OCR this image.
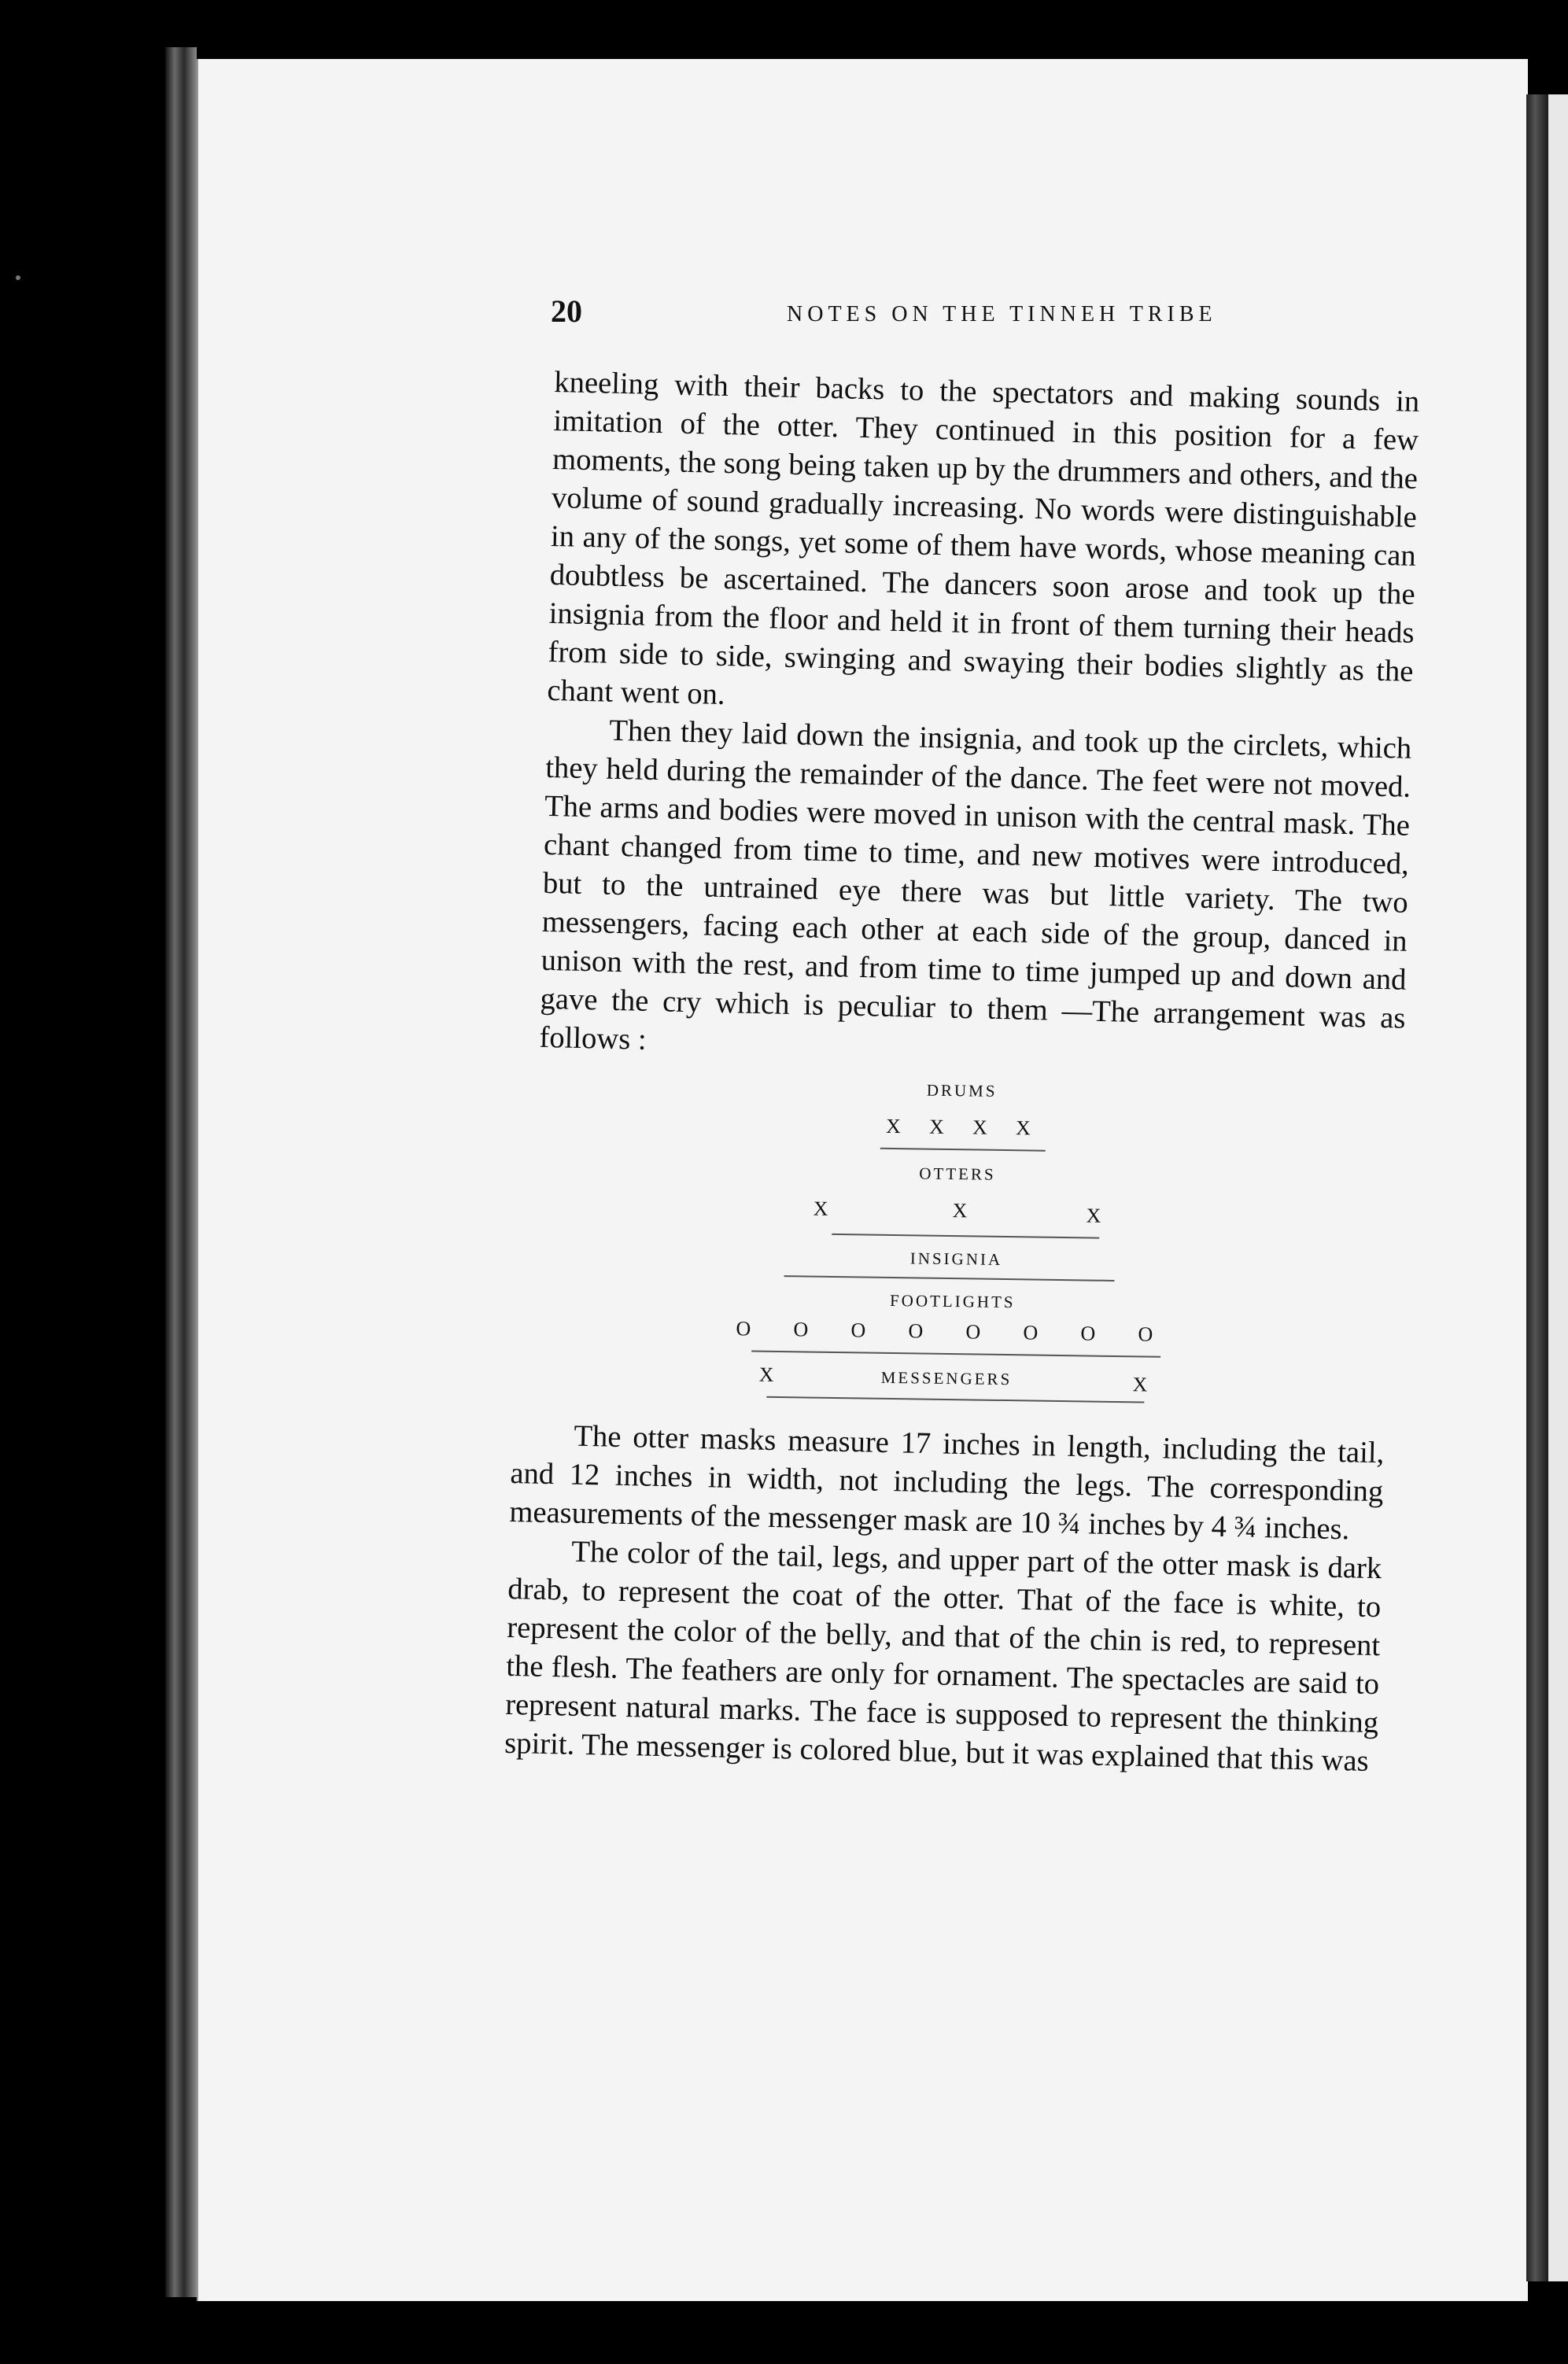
20	NOTES ON THE TINNEH TRIBE

kneeling with their backs to the spectators and making sounds in imitation of the otter. They continued in this position for a few moments, the song being taken up by the drummers and others, and the volume of sound gradually increasing. No words were distinguishable in any of the songs, yet some of them have words, whose meaning can doubtless be ascertained. The dancers soon arose and took up the insignia from the floor and held it in front of them turning their heads from side to side, swinging and swaying their bodies slightly as the chant went on.

Then they laid down the insignia, and took up the circlets, which they held during the remainder of the dance. The feet were not moved. The arms and bodies were moved in unison with the central mask. The chant changed from time to time, and new motives were introduced, but to the untrained eye there was but little variety. The two messengers, facing each other at each side of the group, danced in unison with the rest, and from time to time jumped up and down and gave the cry which is peculiar to them —The arrangement was as follows :

DRUMS
X X X X
OTTERS
X	X	X
INSIGNIA
FOOTLIGHTS
O O O O O O O O
X	MESSENGERS	X

The otter masks measure 17 inches in length, including the tail, and 12 inches in width, not including the legs. The corresponding measurements of the messenger mask are 10 ¾ inches by 4 ¾ inches.

The color of the tail, legs, and upper part of the otter mask is dark drab, to represent the coat of the otter. That of the face is white, to represent the color of the belly, and that of the chin is red, to represent the flesh. The feathers are only for ornament. The spectacles are said to represent natural marks. The face is supposed to represent the thinking spirit. The messenger is colored blue, but it was explained that this was
